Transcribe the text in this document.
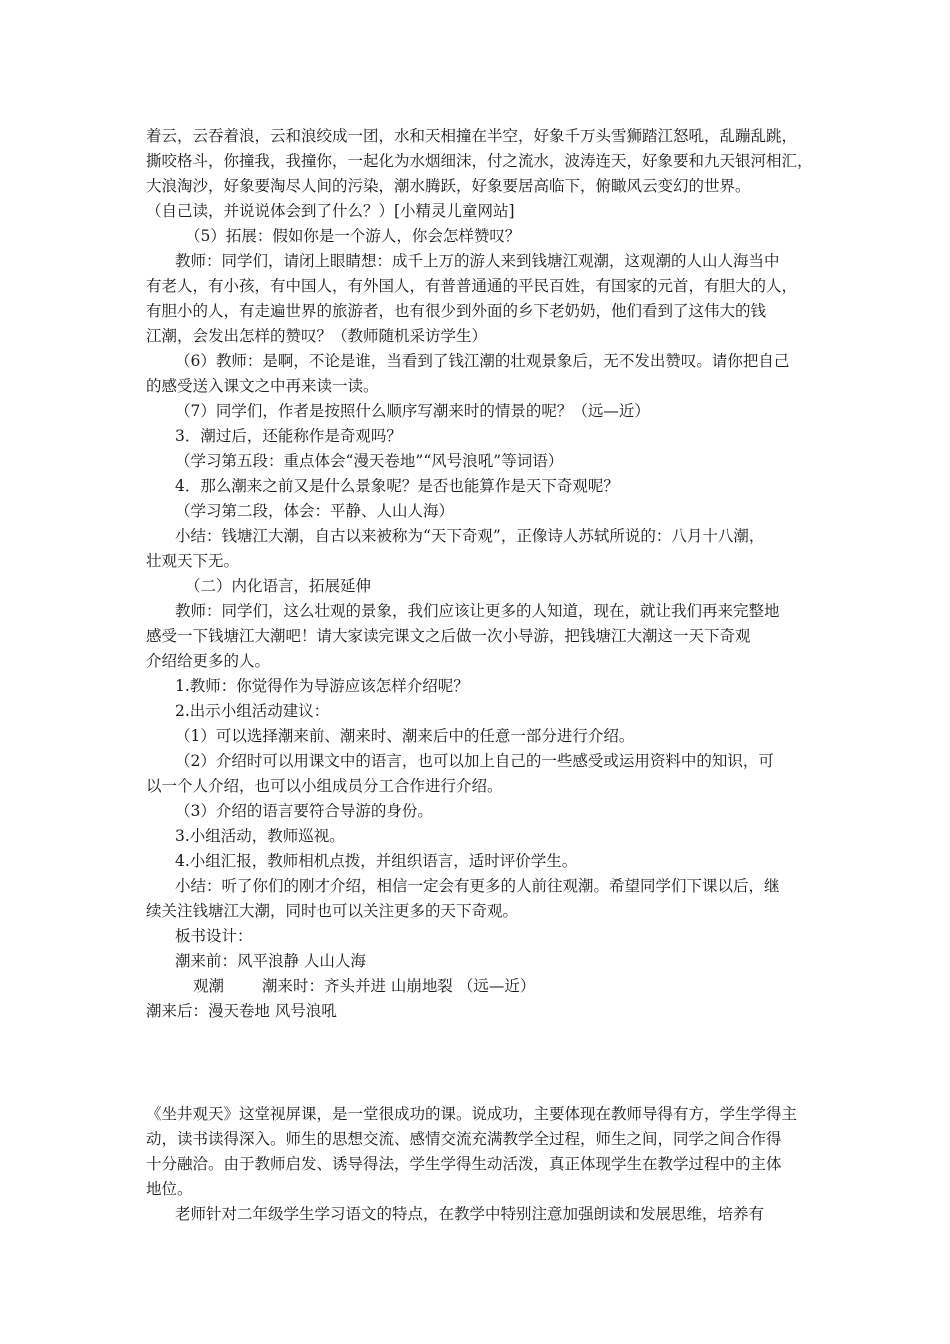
着云，云吞着浪，云和浪绞成一团，水和天相撞在半空，好象千万头雪狮踏江怒吼，乱蹦乱跳，
撕咬格斗，你撞我，我撞你，一起化为水烟细沫，付之流水，波涛连天，好象要和九天银河相汇，
大浪淘沙，好象要淘尽人间的污染，潮水腾跃，好象要居高临下，俯瞰风云变幻的世界。
（自己读，并说说体会到了什么？）[小精灵儿童网站]
（5）拓展：假如你是一个游人，你会怎样赞叹？
教师：同学们，请闭上眼睛想：成千上万的游人来到钱塘江观潮，这观潮的人山人海当中
有老人，有小孩，有中国人，有外国人，有普普通通的平民百姓，有国家的元首，有胆大的人，
有胆小的人，有走遍世界的旅游者，也有很少到外面的乡下老奶奶，他们看到了这伟大的钱
江潮，会发出怎样的赞叹？（教师随机采访学生）
（6）教师：是啊，不论是谁，当看到了钱江潮的壮观景象后，无不发出赞叹。请你把自己
的感受送入课文之中再来读一读。
（7）同学们，作者是按照什么顺序写潮来时的情景的呢？（远—近）
3．潮过后，还能称作是奇观吗？
（学习第五段：重点体会“漫天卷地”“风号浪吼”等词语）
4．那么潮来之前又是什么景象呢？是否也能算作是天下奇观呢？
（学习第二段，体会：平静、人山人海）
小结：钱塘江大潮，自古以来被称为“天下奇观”，正像诗人苏轼所说的：八月十八潮，
壮观天下无。
（二）内化语言，拓展延伸
教师：同学们，这么壮观的景象，我们应该让更多的人知道，现在，就让我们再来完整地
感受一下钱塘江大潮吧！请大家读完课文之后做一次小导游，把钱塘江大潮这一天下奇观
介绍给更多的人。
1.教师：你觉得作为导游应该怎样介绍呢？
2.出示小组活动建议：
（1）可以选择潮来前、潮来时、潮来后中的任意一部分进行介绍。
（2）介绍时可以用课文中的语言，也可以加上自己的一些感受或运用资料中的知识，可
以一个人介绍，也可以小组成员分工合作进行介绍。
（3）介绍的语言要符合导游的身份。
3.小组活动，教师巡视。
4.小组汇报，教师相机点拨，并组织语言，适时评价学生。
小结：听了你们的刚才介绍，相信一定会有更多的人前往观潮。希望同学们下课以后，继
续关注钱塘江大潮，同时也可以关注更多的天下奇观。
板书设计：
潮来前：风平浪静 人山人海
观潮 潮来时：齐头并进 山崩地裂 （远—近）
潮来后：漫天卷地 风号浪吼
《坐井观天》这堂视屏课，是一堂很成功的课。说成功，主要体现在教师导得有方，学生学得主
动，读书读得深入。师生的思想交流、感情交流充满教学全过程，师生之间，同学之间合作得
十分融洽。由于教师启发、诱导得法，学生学得生动活泼，真正体现学生在教学过程中的主体
地位。
老师针对二年级学生学习语文的特点，在教学中特别注意加强朗读和发展思维，培养有
